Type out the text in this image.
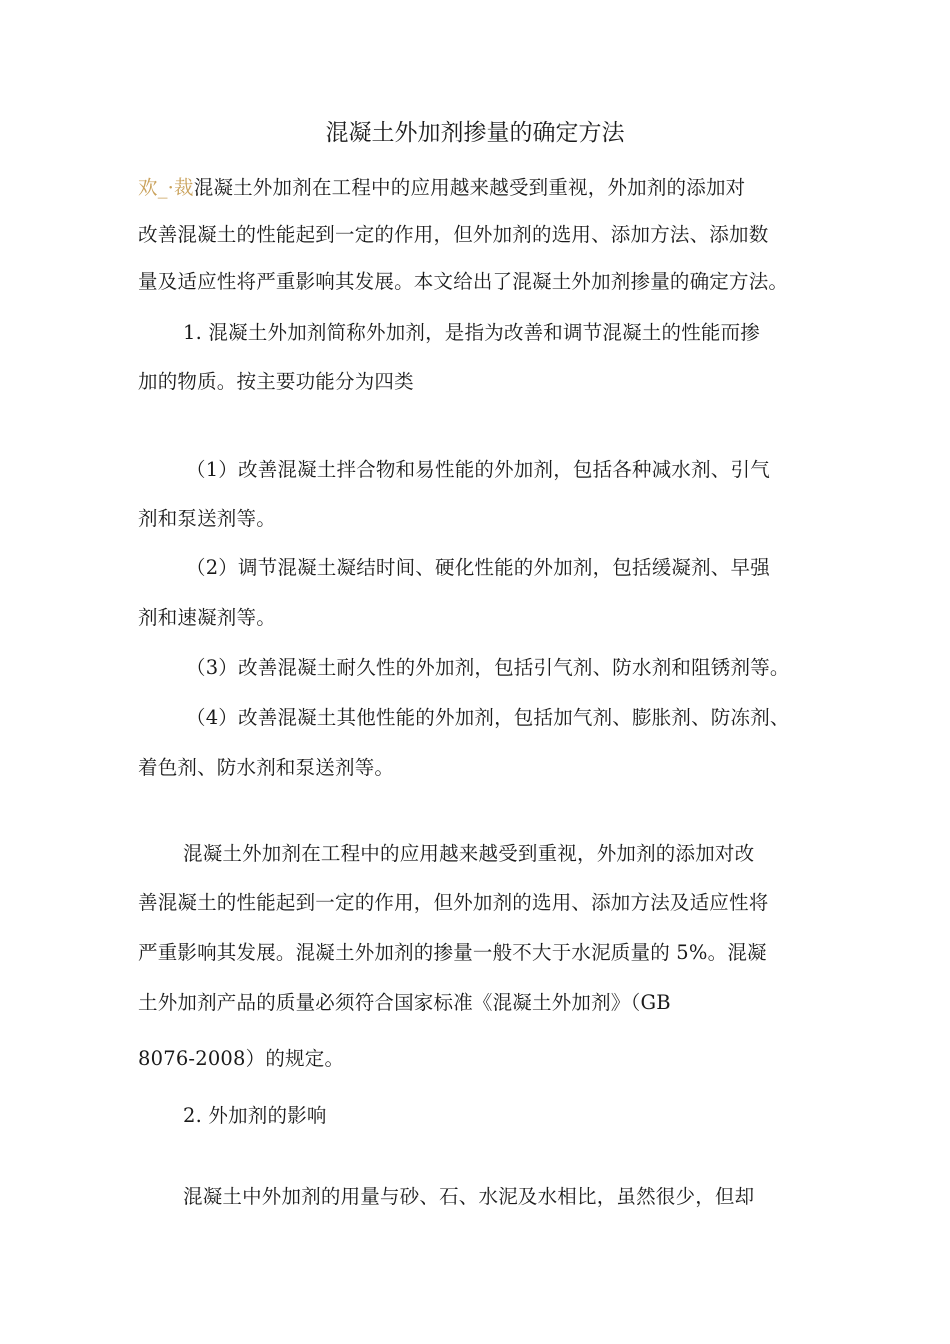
混凝土外加剂掺量的确定方法
欢_·裁混凝土外加剂在工程中的应用越来越受到重视，外加剂的添加对
改善混凝土的性能起到一定的作用，但外加剂的选用、添加方法、添加数
量及适应性将严重影响其发展。本文给出了混凝土外加剂掺量的确定方法。
1. 混凝土外加剂简称外加剂，是指为改善和调节混凝土的性能而掺
加的物质。按主要功能分为四类
（1）改善混凝土拌合物和易性能的外加剂，包括各种减水剂、引气
剂和泵送剂等。
（2）调节混凝土凝结时间、硬化性能的外加剂，包括缓凝剂、早强
剂和速凝剂等。
（3）改善混凝土耐久性的外加剂，包括引气剂、防水剂和阻锈剂等。
（4）改善混凝土其他性能的外加剂，包括加气剂、膨胀剂、防冻剂、
着色剂、防水剂和泵送剂等。
混凝土外加剂在工程中的应用越来越受到重视，外加剂的添加对改
善混凝土的性能起到一定的作用，但外加剂的选用、添加方法及适应性将
严重影响其发展。混凝土外加剂的掺量一般不大于水泥质量的 5%。混凝
土外加剂产品的质量必须符合国家标准《混凝土外加剂》（GB
8076-2008）的规定。
2. 外加剂的影响
混凝土中外加剂的用量与砂、石、水泥及水相比，虽然很少，但却
